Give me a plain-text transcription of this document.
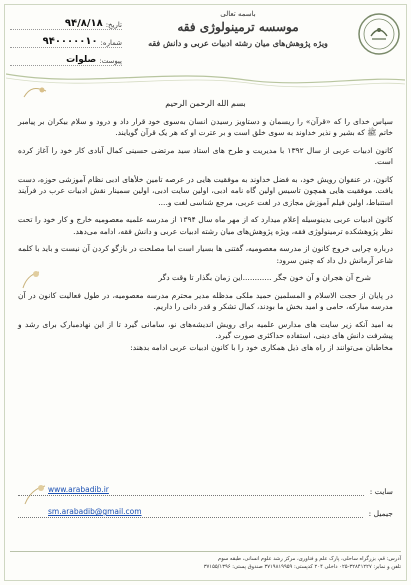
تاریخ:
۹۴/۸/۱۸
شماره:
۹۴۰۰۰۰۰۱۰
پیوست:
صلوات
باسمه تعالی
موسسه ترمینولوژی فقه
ویژه پژوهش‌های میان رشته ادبیات عربی و دانش فقه
بسم الله الرحمن الرحیم

سپاس خدای را که «قرآن» را ریسمان و دستاویز رسیدن انسان به‌سوی خود قرار داد و درود و سلام بیکران بر پیامبر خاتم ﷺ که بشیر و نذیر خداوند به سوی خلق است و بر عترت او که هر یک قرآن گویایند.

کانون ادبیات عربی از سال ۱۳۹۲ با مدیریت و طرح های استاد سید مرتضی حسینی کمال آبادی کار خود را آغاز کرده است.

کانون، در عنفوان رویش خود، به فضل خداوند به موفقیت هایی در عرصه تامین خلأهای ادبی نظام آموزشی حوزه، دست یافت. موفقیت هایی همچون تاسیس اولین گاه نامه ادبی، اولین سایت ادبی، اولین سمینار نقش ادبیات عرب در فرآیند استنباط، اولین فیلم آموزش مجازی در لغت عربی، مرجع شناسی لغت و....

کانون ادبیات عربی بدینوسیله إعلام میدارد که از مهر ماه سال ۱۳۹۴ از مدرسه علمیه معصومیه خارج و کار خود را تحت نظر پژوهشکده ترمینولوژی فقه، ویژه پژوهش‌های میان رشته ادبیات عربی و دانش فقه، ادامه می‌دهد.

درباره چرایی خروج کانون از مدرسه معصومیه، گفتنی ها بسیار است اما مصلحت در بازگو کردن آن نیست و باید با کلمه شاعر آرمانش دل داد که چنین سرود:

شرح آن هجران و آن خون جگر ............این زمان بگذار تا وقت دگر

در پایان از حجت الاسلام و المسلمین حمید ملکی مدظله مدیر محترم مدرسه معصومیه، در طول فعالیت کانون در آن مدرسه مبارکه، حامی و امید بخش ما بودند، کمال تشکر و قدر دانی را داریم.

به امید آنکه زیر سایت های مدارس علمیه برای رویش اندیشه‌های نو، سامانی گیرد تا از این نهادمبارک برای رشد و پیشرفت دانش های دینی، استفاده حداکثری صورت گیرد.

مخاطبان می‌توانند از راه های ذیل همکاری خود را با کانون ادبیات عربی ادامه بدهند:

سایت :
www.arabadib.ir
جیمیل :
sm.arabadib@gmail.com
آدرس: قم، بزرگراه ساحلی، پارک علم و فناوری، مرکز رشد علوم انسانی، طبقه سوم
تلفن و نمابر: ۳۲۸۴۱۲۲۷-۰۲۵ داخلی ۲۰۴ کدپستی: ۳۷۱۹۸۱۹۹۵۹ صندوق پستی: ۳۷۱۵۵/۱۳۹۶
